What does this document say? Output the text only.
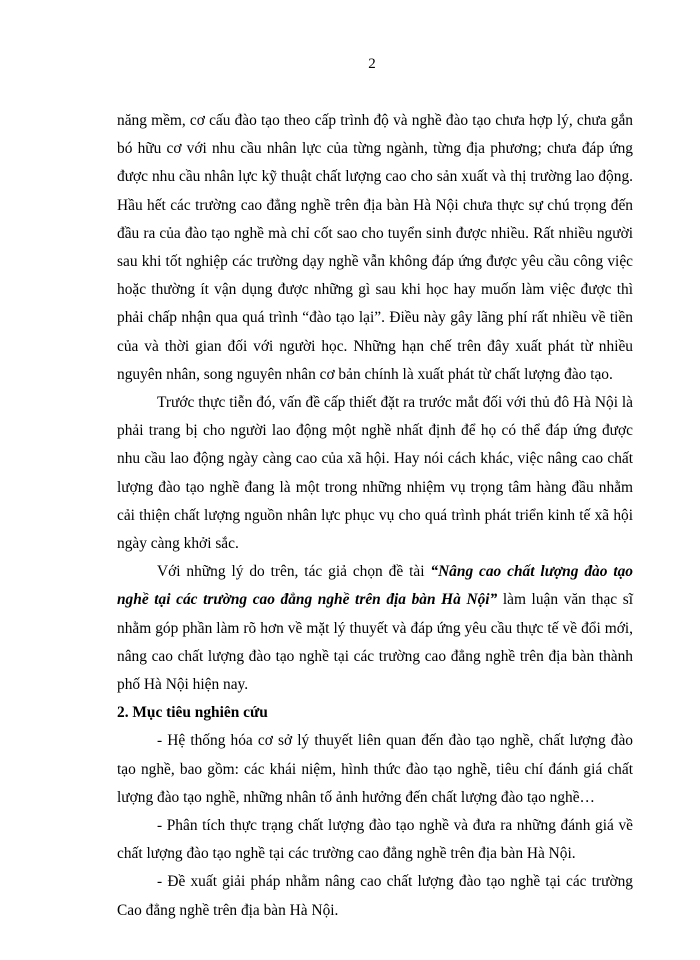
2

năng mềm, cơ cấu đào tạo theo cấp trình độ và nghề đào tạo chưa hợp lý, chưa gắn bó hữu cơ với nhu cầu nhân lực của từng ngành, từng địa phương; chưa đáp ứng được nhu cầu nhân lực kỹ thuật chất lượng cao cho sản xuất và thị trường lao động. Hầu hết các trường cao đẳng nghề trên địa bàn Hà Nội chưa thực sự chú trọng đến đầu ra của đào tạo nghề mà chỉ cốt sao cho tuyển sinh được nhiều. Rất nhiều người sau khi tốt nghiệp các trường dạy nghề vẫn không đáp ứng được yêu cầu công việc hoặc thường ít vận dụng được những gì sau khi học hay muốn làm việc được thì phải chấp nhận qua quá trình “đào tạo lại”. Điều này gây lãng phí rất nhiều về tiền của và thời gian đối với người học. Những hạn chế trên đây xuất phát từ nhiều nguyên nhân, song nguyên nhân cơ bản chính là xuất phát từ chất lượng đào tạo.

Trước thực tiễn đó, vấn đề cấp thiết đặt ra trước mắt đối với thủ đô Hà Nội là phải trang bị cho người lao động một nghề nhất định để họ có thể đáp ứng được nhu cầu lao động ngày càng cao của xã hội. Hay nói cách khác, việc nâng cao chất lượng đào tạo nghề đang là một trong những nhiệm vụ trọng tâm hàng đầu nhằm cải thiện chất lượng nguồn nhân lực phục vụ cho quá trình phát triển kinh tế xã hội ngày càng khởi sắc.

Với những lý do trên, tác giả chọn đề tài “Nâng cao chất lượng đào tạo nghề tại các trường cao đẳng nghề trên địa bàn Hà Nội” làm luận văn thạc sĩ nhằm góp phần làm rõ hơn về mặt lý thuyết và đáp ứng yêu cầu thực tế về đổi mới, nâng cao chất lượng đào tạo nghề tại các trường cao đẳng nghề trên địa bàn thành phố Hà Nội hiện nay.

2. Mục tiêu nghiên cứu

- Hệ thống hóa cơ sở lý thuyết liên quan đến đào tạo nghề, chất lượng đào tạo nghề, bao gồm: các khái niệm, hình thức đào tạo nghề, tiêu chí đánh giá chất lượng đào tạo nghề, những nhân tố ảnh hưởng đến chất lượng đào tạo nghề…

- Phân tích thực trạng chất lượng đào tạo nghề và đưa ra những đánh giá về chất lượng đào tạo nghề tại các trường cao đẳng nghề trên địa bàn Hà Nội.

- Đề xuất giải pháp nhằm nâng cao chất lượng đào tạo nghề tại các trường Cao đẳng nghề trên địa bàn Hà Nội.
